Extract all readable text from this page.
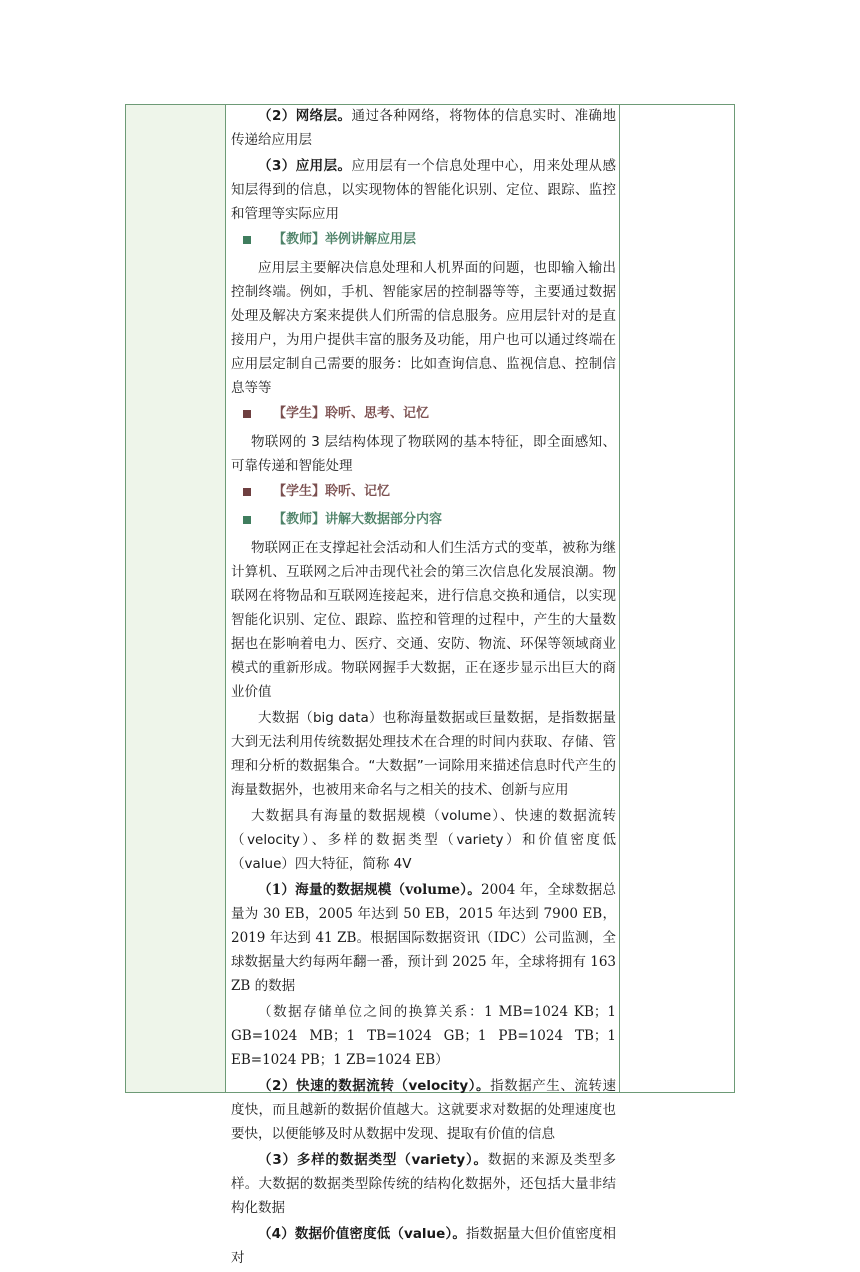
（2）网络层。通过各种网络，将物体的信息实时、准确地传递给应用层

（3）应用层。应用层有一个信息处理中心，用来处理从感知层得到的信息，以实现物体的智能化识别、定位、跟踪、监控和管理等实际应用

【教师】举例讲解应用层

应用层主要解决信息处理和人机界面的问题，也即输入输出控制终端。例如，手机、智能家居的控制器等等，主要通过数据处理及解决方案来提供人们所需的信息服务。应用层针对的是直接用户，为用户提供丰富的服务及功能，用户也可以通过终端在应用层定制自己需要的服务：比如查询信息、监视信息、控制信息等等

【学生】聆听、思考、记忆

物联网的 3 层结构体现了物联网的基本特征，即全面感知、可靠传递和智能处理

【学生】聆听、记忆
【教师】讲解大数据部分内容

物联网正在支撑起社会活动和人们生活方式的变革，被称为继计算机、互联网之后冲击现代社会的第三次信息化发展浪潮。物联网在将物品和互联网连接起来，进行信息交换和通信，以实现智能化识别、定位、跟踪、监控和管理的过程中，产生的大量数据也在影响着电力、医疗、交通、安防、物流、环保等领域商业模式的重新形成。物联网握手大数据，正在逐步显示出巨大的商业价值

大数据（big data）也称海量数据或巨量数据，是指数据量大到无法利用传统数据处理技术在合理的时间内获取、存储、管理和分析的数据集合。“大数据”一词除用来描述信息时代产生的海量数据外，也被用来命名与之相关的技术、创新与应用

大数据具有海量的数据规模（volume）、快速的数据流转（velocity）、多样的数据类型（variety）和价值密度低（value）四大特征，简称 4V

（1）海量的数据规模（volume）。2004 年，全球数据总量为 30 EB，2005 年达到 50 EB，2015 年达到 7900 EB，2019 年达到 41 ZB。根据国际数据资讯（IDC）公司监测，全球数据量大约每两年翻一番，预计到 2025 年，全球将拥有 163 ZB 的数据

（数据存储单位之间的换算关系：1 MB=1024 KB；1 GB=1024 MB；1 TB=1024 GB；1 PB=1024 TB；1 EB=1024 PB；1 ZB=1024 EB）

（2）快速的数据流转（velocity）。指数据产生、流转速度快，而且越新的数据价值越大。这就要求对数据的处理速度也要快，以便能够及时从数据中发现、提取有价值的信息

（3）多样的数据类型（variety）。数据的来源及类型多样。大数据的数据类型除传统的结构化数据外，还包括大量非结构化数据

（4）数据价值密度低（value）。指数据量大但价值密度相对
